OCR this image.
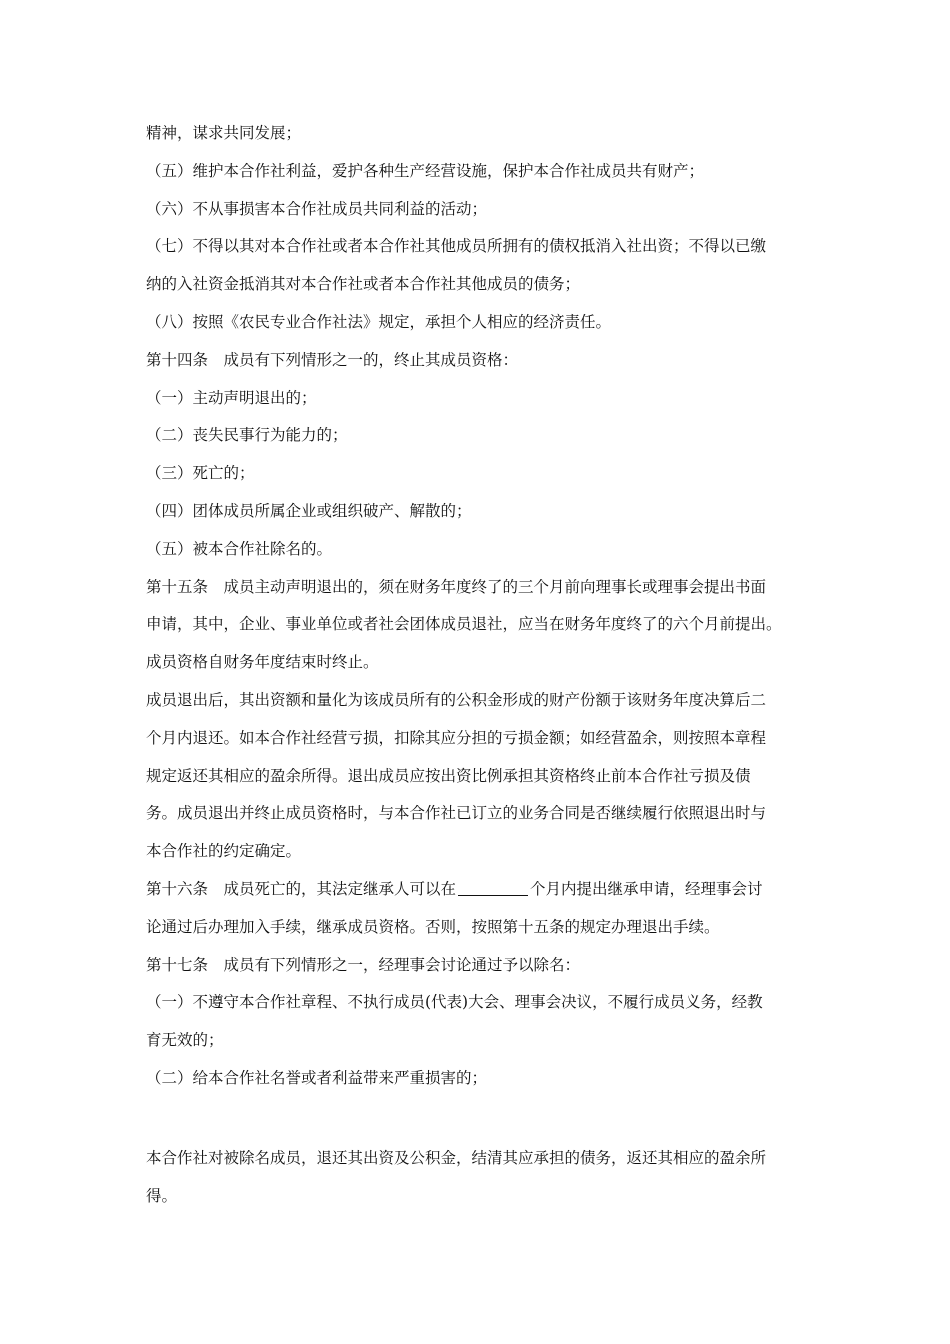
精神，谋求共同发展；
（五）维护本合作社利益，爱护各种生产经营设施，保护本合作社成员共有财产；
（六）不从事损害本合作社成员共同利益的活动；
（七）不得以其对本合作社或者本合作社其他成员所拥有的债权抵消入社出资；不得以已缴
纳的入社资金抵消其对本合作社或者本合作社其他成员的债务；
（八）按照《农民专业合作社法》规定，承担个人相应的经济责任。
第十四条　成员有下列情形之一的，终止其成员资格：
（一）主动声明退出的；
（二）丧失民事行为能力的；
（三）死亡的；
（四）团体成员所属企业或组织破产、解散的；
（五）被本合作社除名的。
第十五条　成员主动声明退出的，须在财务年度终了的三个月前向理事长或理事会提出书面
申请，其中，企业、事业单位或者社会团体成员退社，应当在财务年度终了的六个月前提出。
成员资格自财务年度结束时终止。
成员退出后，其出资额和量化为该成员所有的公积金形成的财产份额于该财务年度决算后二
个月内退还。如本合作社经营亏损，扣除其应分担的亏损金额；如经营盈余，则按照本章程
规定返还其相应的盈余所得。退出成员应按出资比例承担其资格终止前本合作社亏损及债
务。成员退出并终止成员资格时，与本合作社已订立的业务合同是否继续履行依照退出时与
本合作社的约定确定。
第十六条　成员死亡的，其法定继承人可以在	个月内提出继承申请，经理事会讨
论通过后办理加入手续，继承成员资格。否则，按照第十五条的规定办理退出手续。
第十七条　成员有下列情形之一，经理事会讨论通过予以除名：
（一）不遵守本合作社章程、不执行成员(代表)大会、理事会决议，不履行成员义务，经教
育无效的；
（二）给本合作社名誉或者利益带来严重损害的；
本合作社对被除名成员，退还其出资及公积金，结清其应承担的债务，返还其相应的盈余所
得。
